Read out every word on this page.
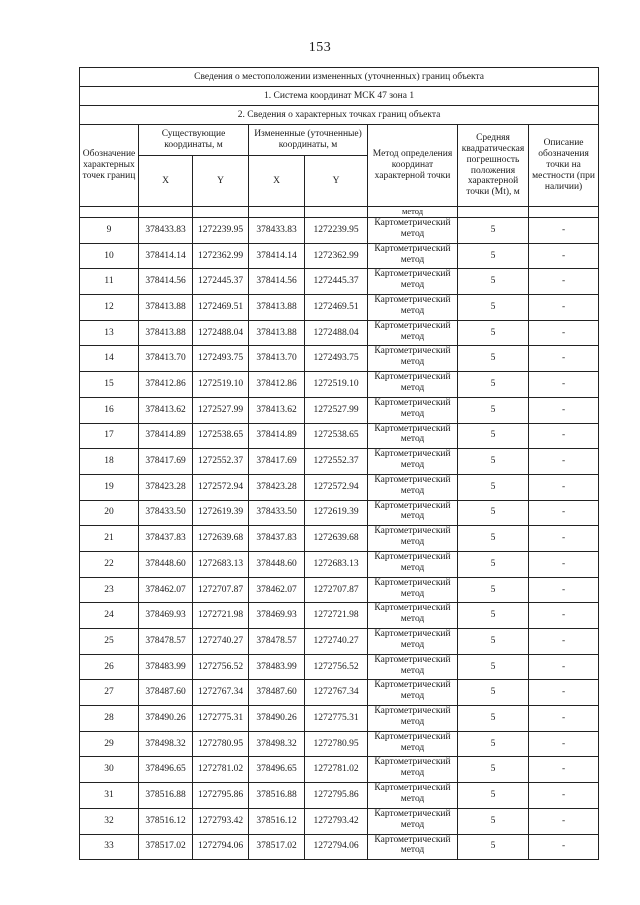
153
Сведения о местоположении измененных (уточненных) границ объекта							
1. Система координат МСК 47 зона 1							
2. Сведения о характерных точках границ объекта							
Обозначение характерных точек границ	Существующие координаты, м		Измененные (уточненные) координаты, м		Метод определения координат характерной точки	Средняя квадратическая погрешность положения характерной точки (Mt), м	Описание обозначения точки на местности (при наличии)
	X	Y	X	Y			
					метод		
9	378433.83	1272239.95	378433.83	1272239.95	Картометрический метод	5	-
10	378414.14	1272362.99	378414.14	1272362.99	Картометрический метод	5	-
11	378414.56	1272445.37	378414.56	1272445.37	Картометрический метод	5	-
12	378413.88	1272469.51	378413.88	1272469.51	Картометрический метод	5	-
13	378413.88	1272488.04	378413.88	1272488.04	Картометрический метод	5	-
14	378413.70	1272493.75	378413.70	1272493.75	Картометрический метод	5	-
15	378412.86	1272519.10	378412.86	1272519.10	Картометрический метод	5	-
16	378413.62	1272527.99	378413.62	1272527.99	Картометрический метод	5	-
17	378414.89	1272538.65	378414.89	1272538.65	Картометрический метод	5	-
18	378417.69	1272552.37	378417.69	1272552.37	Картометрический метод	5	-
19	378423.28	1272572.94	378423.28	1272572.94	Картометрический метод	5	-
20	378433.50	1272619.39	378433.50	1272619.39	Картометрический метод	5	-
21	378437.83	1272639.68	378437.83	1272639.68	Картометрический метод	5	-
22	378448.60	1272683.13	378448.60	1272683.13	Картометрический метод	5	-
23	378462.07	1272707.87	378462.07	1272707.87	Картометрический метод	5	-
24	378469.93	1272721.98	378469.93	1272721.98	Картометрический метод	5	-
25	378478.57	1272740.27	378478.57	1272740.27	Картометрический метод	5	-
26	378483.99	1272756.52	378483.99	1272756.52	Картометрический метод	5	-
27	378487.60	1272767.34	378487.60	1272767.34	Картометрический метод	5	-
28	378490.26	1272775.31	378490.26	1272775.31	Картометрический метод	5	-
29	378498.32	1272780.95	378498.32	1272780.95	Картометрический метод	5	-
30	378496.65	1272781.02	378496.65	1272781.02	Картометрический метод	5	-
31	378516.88	1272795.86	378516.88	1272795.86	Картометрический метод	5	-
32	378516.12	1272793.42	378516.12	1272793.42	Картометрический метод	5	-
33	378517.02	1272794.06	378517.02	1272794.06	Картометрический метод	5	-
